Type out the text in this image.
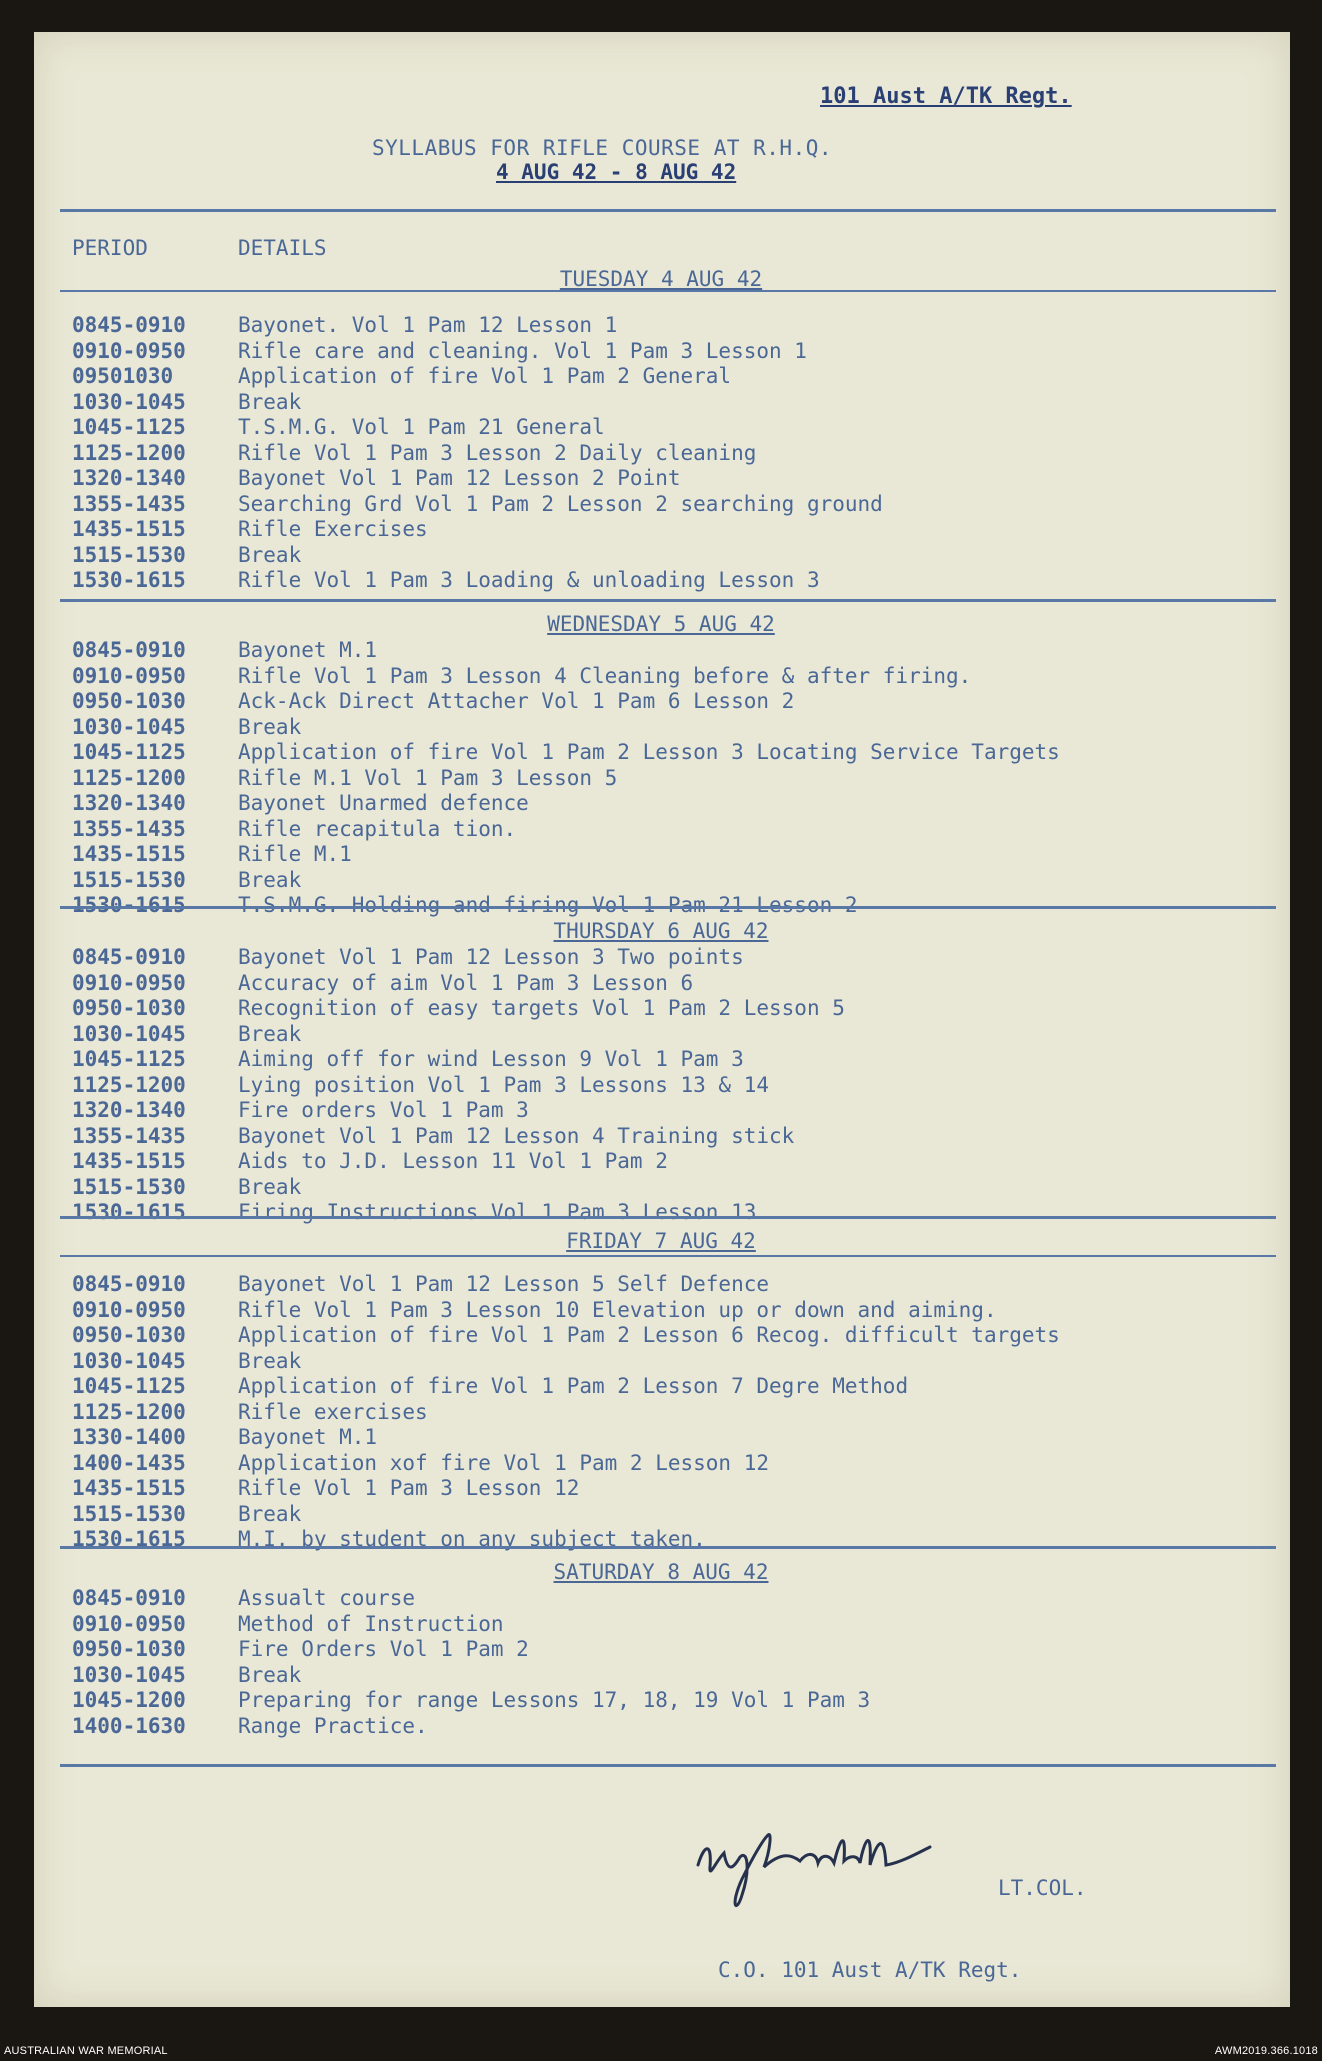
101 Aust A/TK Regt.
SYLLABUS FOR RIFLE COURSE AT R.H.Q.
4 AUG 42 - 8 AUG 42
PERIOD	DETAILS
TUESDAY 4 AUG 42
0845-0910	Bayonet. Vol 1 Pam 12 Lesson 1
0910-0950	Rifle care and cleaning. Vol 1 Pam 3 Lesson 1
09501030	Application of fire Vol 1 Pam 2 General
1030-1045	Break
1045-1125	T.S.M.G. Vol 1 Pam 21 General
1125-1200	Rifle Vol 1 Pam 3 Lesson 2 Daily cleaning
1320-1340	Bayonet Vol 1 Pam 12 Lesson 2 Point
1355-1435	Searching Grd Vol 1 Pam 2 Lesson 2 searching ground
1435-1515	Rifle Exercises
1515-1530	Break
1530-1615	Rifle Vol 1 Pam 3 Loading & unloading Lesson 3
WEDNESDAY 5 AUG 42
0845-0910	Bayonet M.1
0910-0950	Rifle Vol 1 Pam 3 Lesson 4 Cleaning before & after firing.
0950-1030	Ack-Ack Direct Attacher Vol 1 Pam 6 Lesson 2
1030-1045	Break
1045-1125	Application of fire Vol 1 Pam 2 Lesson 3 Locating Service Targets
1125-1200	Rifle M.1 Vol 1 Pam 3 Lesson 5
1320-1340	Bayonet Unarmed defence
1355-1435	Rifle recapitula tion.
1435-1515	Rifle M.1
1515-1530	Break
1530-1615	T.S.M.G. Holding and firing Vol 1 Pam 21 Lesson 2
THURSDAY 6 AUG 42
0845-0910	Bayonet Vol 1 Pam 12 Lesson 3 Two points
0910-0950	Accuracy of aim Vol 1 Pam 3 Lesson 6
0950-1030	Recognition of easy targets Vol 1 Pam 2 Lesson 5
1030-1045	Break
1045-1125	Aiming off for wind Lesson 9 Vol 1 Pam 3
1125-1200	Lying position Vol 1 Pam 3 Lessons 13 & 14
1320-1340	Fire orders Vol 1 Pam 3
1355-1435	Bayonet Vol 1 Pam 12 Lesson 4 Training stick
1435-1515	Aids to J.D. Lesson 11 Vol 1 Pam 2
1515-1530	Break
1530-1615	Firing Instructions Vol 1 Pam 3 Lesson 13
FRIDAY 7 AUG 42
0845-0910	Bayonet Vol 1 Pam 12 Lesson 5 Self Defence
0910-0950	Rifle Vol 1 Pam 3 Lesson 10 Elevation up or down and aiming.
0950-1030	Application of fire Vol 1 Pam 2 Lesson 6 Recog. difficult targets
1030-1045	Break
1045-1125	Application of fire Vol 1 Pam 2 Lesson 7 Degre Method
1125-1200	Rifle exercises
1330-1400	Bayonet M.1
1400-1435	Application xof fire Vol 1 Pam 2 Lesson 12
1435-1515	Rifle Vol 1 Pam 3 Lesson 12
1515-1530	Break
1530-1615	M.I. by student on any subject taken.
SATURDAY 8 AUG 42
0845-0910	Assualt course
0910-0950	Method of Instruction
0950-1030	Fire Orders Vol 1 Pam 2
1030-1045	Break
1045-1200	Preparing for range Lessons 17, 18, 19 Vol 1 Pam 3
1400-1630	Range Practice.
LT.COL.
C.O. 101 Aust A/TK Regt.
AUSTRALIAN WAR MEMORIAL	AWM2019.366.1018
